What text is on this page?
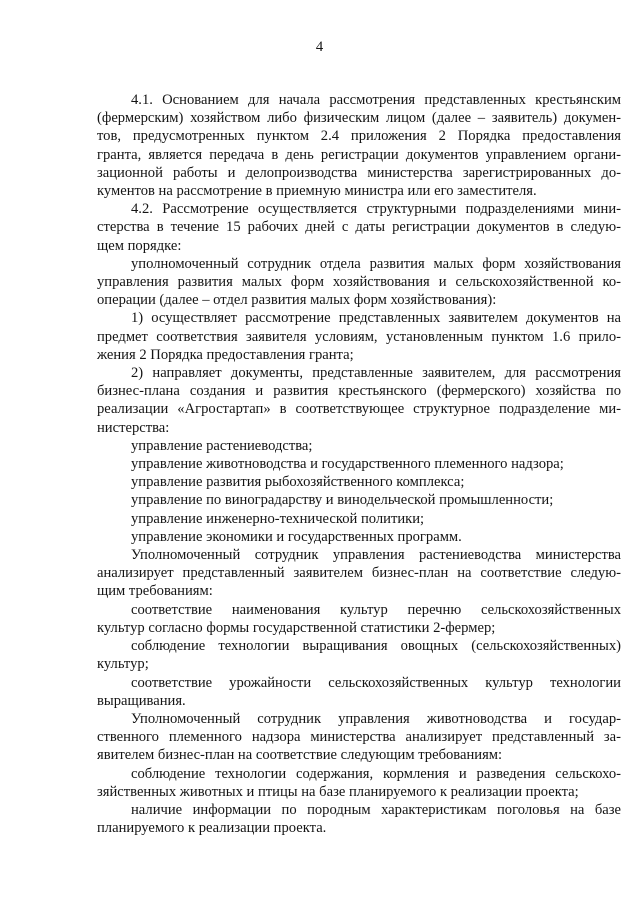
4
4.1. Основанием для начала рассмотрения представленных крестьянским
(фермерским) хозяйством либо физическим лицом (далее – заявитель) докумен-
тов, предусмотренных пунктом 2.4 приложения 2 Порядка предоставления
гранта, является передача в день регистрации документов управлением органи-
зационной работы и делопроизводства министерства зарегистрированных до-
кументов на рассмотрение в приемную министра или его заместителя.
4.2. Рассмотрение осуществляется структурными подразделениями мини-
стерства в течение 15 рабочих дней с даты регистрации документов в следую-
щем порядке:
уполномоченный сотрудник отдела развития малых форм хозяйствования
управления развития малых форм хозяйствования и сельскохозяйственной ко-
операции (далее – отдел развития малых форм хозяйствования):
1) осуществляет рассмотрение представленных заявителем документов на
предмет соответствия заявителя условиям, установленным пунктом 1.6 прило-
жения 2 Порядка предоставления гранта;
2) направляет документы, представленные заявителем, для рассмотрения
бизнес-плана создания и развития крестьянского (фермерского) хозяйства по
реализации «Агростартап» в соответствующее структурное подразделение ми-
нистерства:
управление растениеводства;
управление животноводства и государственного племенного надзора;
управление развития рыбохозяйственного комплекса;
управление по виноградарству и винодельческой промышленности;
управление инженерно-технической политики;
управление экономики и государственных программ.
Уполномоченный сотрудник управления растениеводства министерства
анализирует представленный заявителем бизнес-план на соответствие следую-
щим требованиям:
соответствие наименования культур перечню сельскохозяйственных
культур согласно формы государственной статистики 2-фермер;
соблюдение технологии выращивания овощных (сельскохозяйственных)
культур;
соответствие урожайности сельскохозяйственных культур технологии
выращивания.
Уполномоченный сотрудник управления животноводства и государ-
ственного племенного надзора министерства анализирует представленный за-
явителем бизнес-план на соответствие следующим требованиям:
соблюдение технологии содержания, кормления и разведения сельскохо-
зяйственных животных и птицы на базе планируемого к реализации проекта;
наличие информации по породным характеристикам поголовья на базе
планируемого к реализации проекта.
